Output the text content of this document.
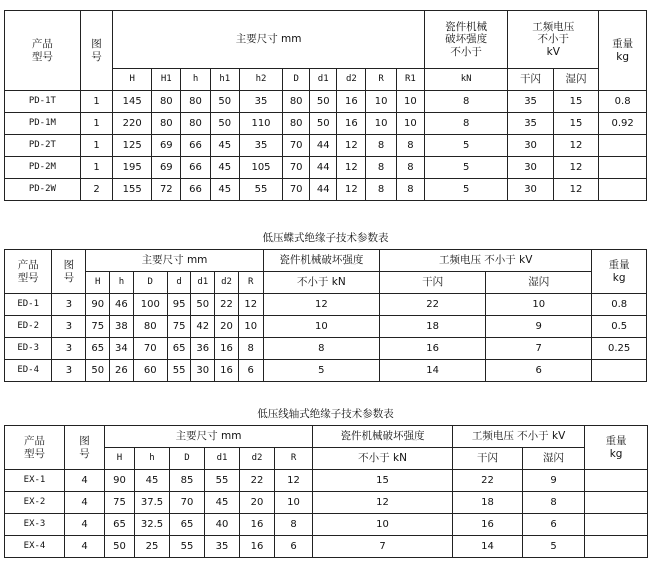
产品
型号	图
号	主要尺寸 mm										瓷件机械
破坏强度
不小于	工频电压
不小于
kV		重量
kg
		H	H1	h	h1	h2	D	d1	d2	R	R1	kN	干闪	湿闪	
PD-1T	1	145	80	80	50	35	80	50	16	10	10	8	35	15	0.8
PD-1M	1	220	80	80	50	110	80	50	16	10	10	8	35	15	0.92
PD-2T	1	125	69	66	45	35	70	44	12	8	8	5	30	12	
PD-2M	1	195	69	66	45	105	70	44	12	8	8	5	30	12	
PD-2W	2	155	72	66	45	55	70	44	12	8	8	5	30	12	
低压蝶式绝缘子技术参数表
产品
型号	图
号	主要尺寸 mm							瓷件机械破坏强度	工频电压 不小于 kV		重量
kg
		H	h	D	d	d1	d2	R	不小于 kN	干闪	湿闪	
ED-1	3	90	46	100	95	50	22	12	12	22	10	0.8
ED-2	3	75	38	80	75	42	20	10	10	18	9	0.5
ED-3	3	65	34	70	65	36	16	8	8	16	7	0.25
ED-4	3	50	26	60	55	30	16	6	5	14	6	
低压线轴式绝缘子技术参数表
产品
型号	图
号	主要尺寸 mm						瓷件机械破坏强度	工频电压 不小于 kV		重量
kg
		H	h	D	d1	d2	R	不小于 kN	干闪	湿闪	
EX-1	4	90	45	85	55	22	12	15	22	9	
EX-2	4	75	37.5	70	45	20	10	12	18	8	
EX-3	4	65	32.5	65	40	16	8	10	16	6	
EX-4	4	50	25	55	35	16	6	7	14	5	
